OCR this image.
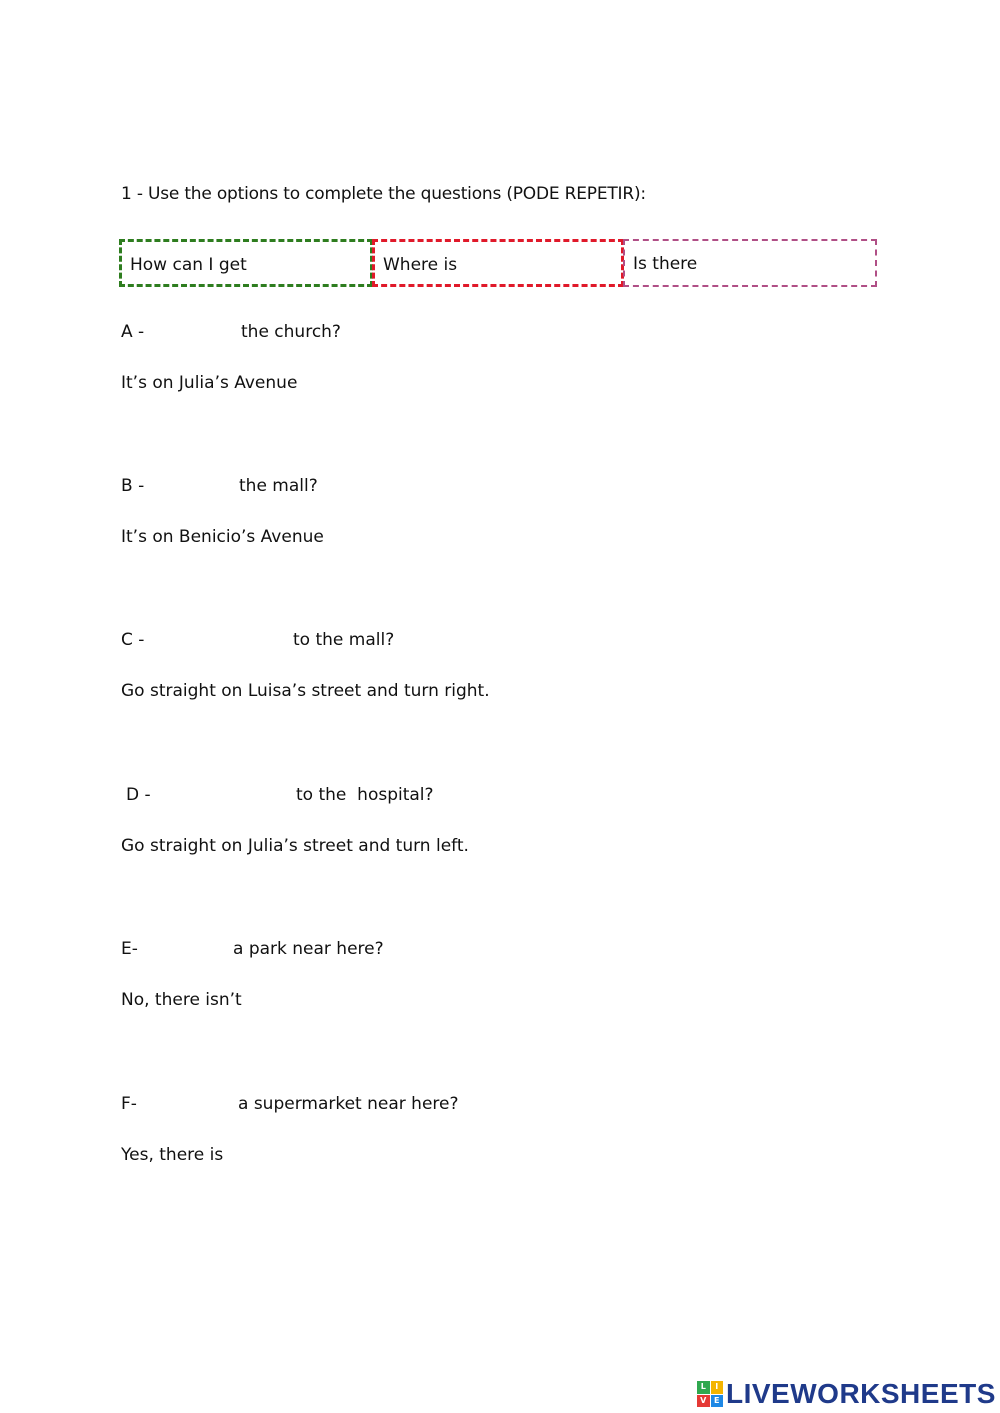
1 - Use the options to complete the questions (PODE REPETIR):
How can I get	Where is	Is there
A -	the church?
It’s on Julia’s Avenue
B -	the mall?
It’s on Benicio’s Avenue
C -	to the mall?
Go straight on Luisa’s street and turn right.
D -	to the  hospital?
Go straight on Julia’s street and turn left.
E-	a park near here?
No, there isn’t
F-	a supermarket near here?
Yes, there is
L	I
V E LIVEWORKSHEETS
